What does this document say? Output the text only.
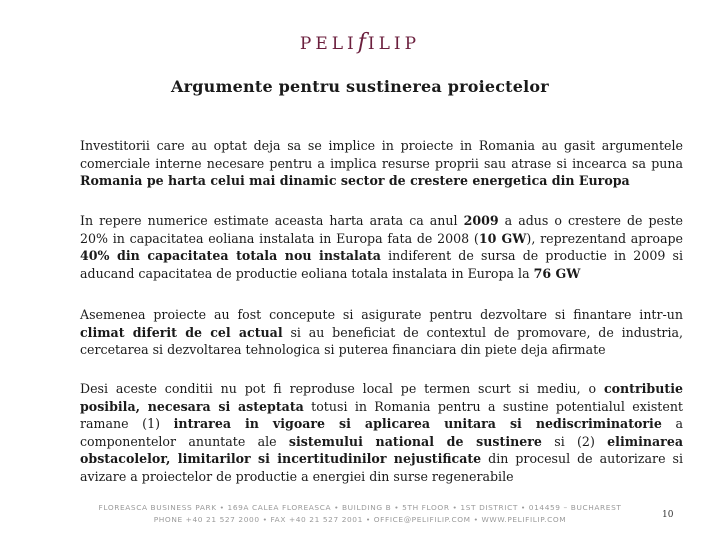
PELIfILIP
Argumente pentru sustinerea proiectelor

Investitorii care au optat deja sa se implice in proiecte in Romania au gasit argumentele comerciale interne necesare pentru a implica resurse proprii sau atrase si incearca sa puna Romania pe harta celui mai dinamic sector de crestere energetica din Europa

In repere numerice estimate aceasta harta arata ca anul 2009 a adus o crestere de peste 20% in capacitatea eoliana instalata in Europa fata de 2008 (10 GW), reprezentand aproape 40% din capacitatea totala nou instalata indiferent de sursa de productie in 2009 si aducand capacitatea de productie eoliana totala instalata in Europa la 76 GW

Asemenea proiecte au fost concepute si asigurate pentru dezvoltare si finantare intr-un climat diferit de cel actual si au beneficiat de contextul de promovare, de industria, cercetarea si dezvoltarea tehnologica si puterea financiara din piete deja afirmate

Desi aceste conditii nu pot fi reproduse local pe termen scurt si mediu, o contributie posibila, necesara si asteptata totusi in Romania pentru a sustine potentialul existent ramane (1) intrarea in vigoare si aplicarea unitara si nediscriminatorie a componentelor anuntate ale sistemului national de sustinere si (2) eliminarea obstacolelor, limitarilor si incertitudinilor nejustificate din procesul de autorizare si avizare a proiectelor de productie a energiei din surse regenerabile

FLOREASCA BUSINESS PARK • 169A CALEA FLOREASCA • BUILDING B • 5TH FLOOR • 1ST DISTRICT • 014459 – BUCHAREST
PHONE +40 21 527 2000 • FAX +40 21 527 2001 • OFFICE@PELIFILIP.COM • WWW.PELIFILIP.COM	10
